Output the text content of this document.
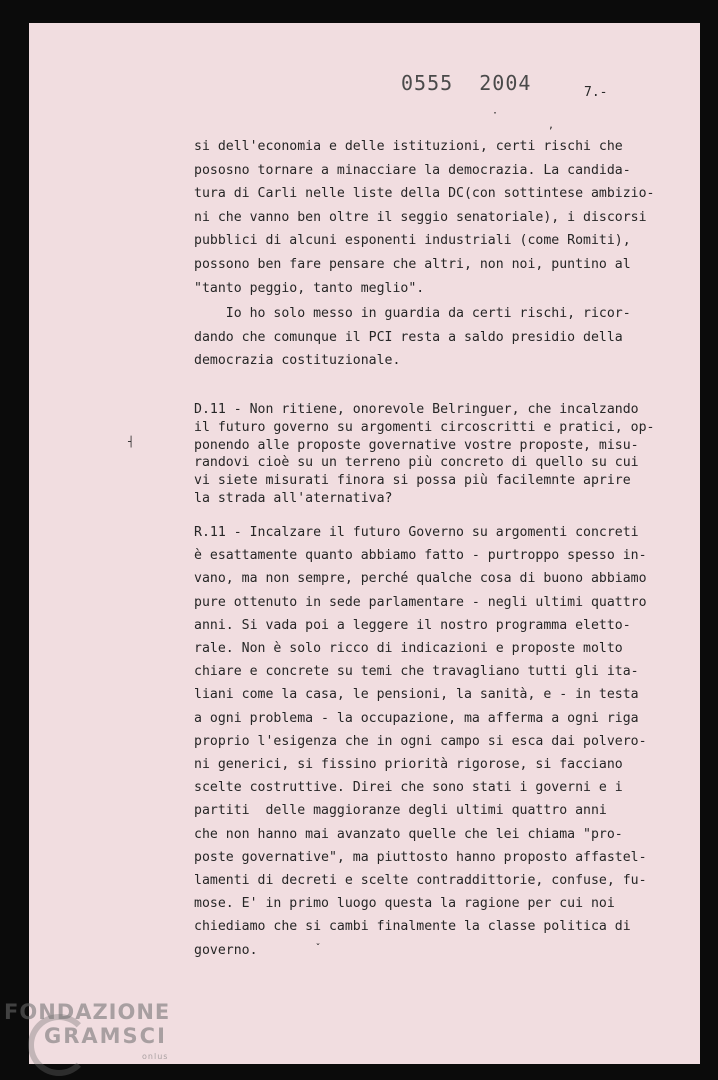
0555  2004	7.-
·
,
┤
ˇ
si dell'economia e delle istituzioni, certi rischi che
pososno tornare a minacciare la democrazia. La candida-
tura di Carli nelle liste della DC(con sottintese ambizio-
ni che vanno ben oltre il seggio senatoriale), i discorsi
pubblici di alcuni esponenti industriali (come Romiti),
possono ben fare pensare che altri, non noi, puntino al
"tanto peggio, tanto meglio".
Io ho solo messo in guardia da certi rischi, ricor-
dando che comunque il PCI resta a saldo presidio della
democrazia costituzionale.
D.11 - Non ritiene, onorevole Belringuer, che incalzando
il futuro governo su argomenti circoscritti e pratici, op-
ponendo alle proposte governative vostre proposte, misu-
randovi cioè su un terreno più concreto di quello su cui
vi siete misurati finora si possa più facilemnte aprire
la strada all'aternativa?
R.11 - Incalzare il futuro Governo su argomenti concreti
è esattamente quanto abbiamo fatto - purtroppo spesso in-
vano, ma non sempre, perché qualche cosa di buono abbiamo
pure ottenuto in sede parlamentare - negli ultimi quattro
anni. Si vada poi a leggere il nostro programma eletto-
rale. Non è solo ricco di indicazioni e proposte molto
chiare e concrete su temi che travagliano tutti gli ita-
liani come la casa, le pensioni, la sanità, e - in testa
a ogni problema - la occupazione, ma afferma a ogni riga
proprio l'esigenza che in ogni campo si esca dai polvero-
ni generici, si fissino priorità rigorose, si facciano
scelte costruttive. Direi che sono stati i governi e i
partiti  delle maggioranze degli ultimi quattro anni
che non hanno mai avanzato quelle che lei chiama "pro-
poste governative", ma piuttosto hanno proposto affastel-
lamenti di decreti e scelte contraddittorie, confuse, fu-
mose. E' in primo luogo questa la ragione per cui noi
chiediamo che si cambi finalmente la classe politica di
governo.
FONDAZIONE
GRAMSCI
onlus
